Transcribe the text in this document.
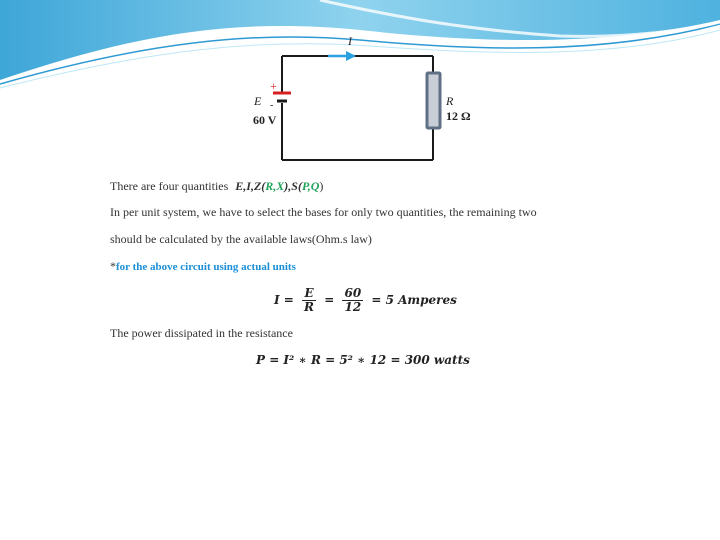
I
+
E -
60 V
R
12 Ω
There are four quantities E,I,Z(R,X),S(P,Q)
In per unit system, we have to select the bases for only two quantities, the remaining two
should be calculated by the available laws(Ohm.s law)
*for the above circuit using actual units
$I = \frac{E}{R} = \frac{60}{12} = 5$ Amperes
The power dissipated in the resistance
P = I² ∗ R = 5² ∗ 12 = 300 watts
